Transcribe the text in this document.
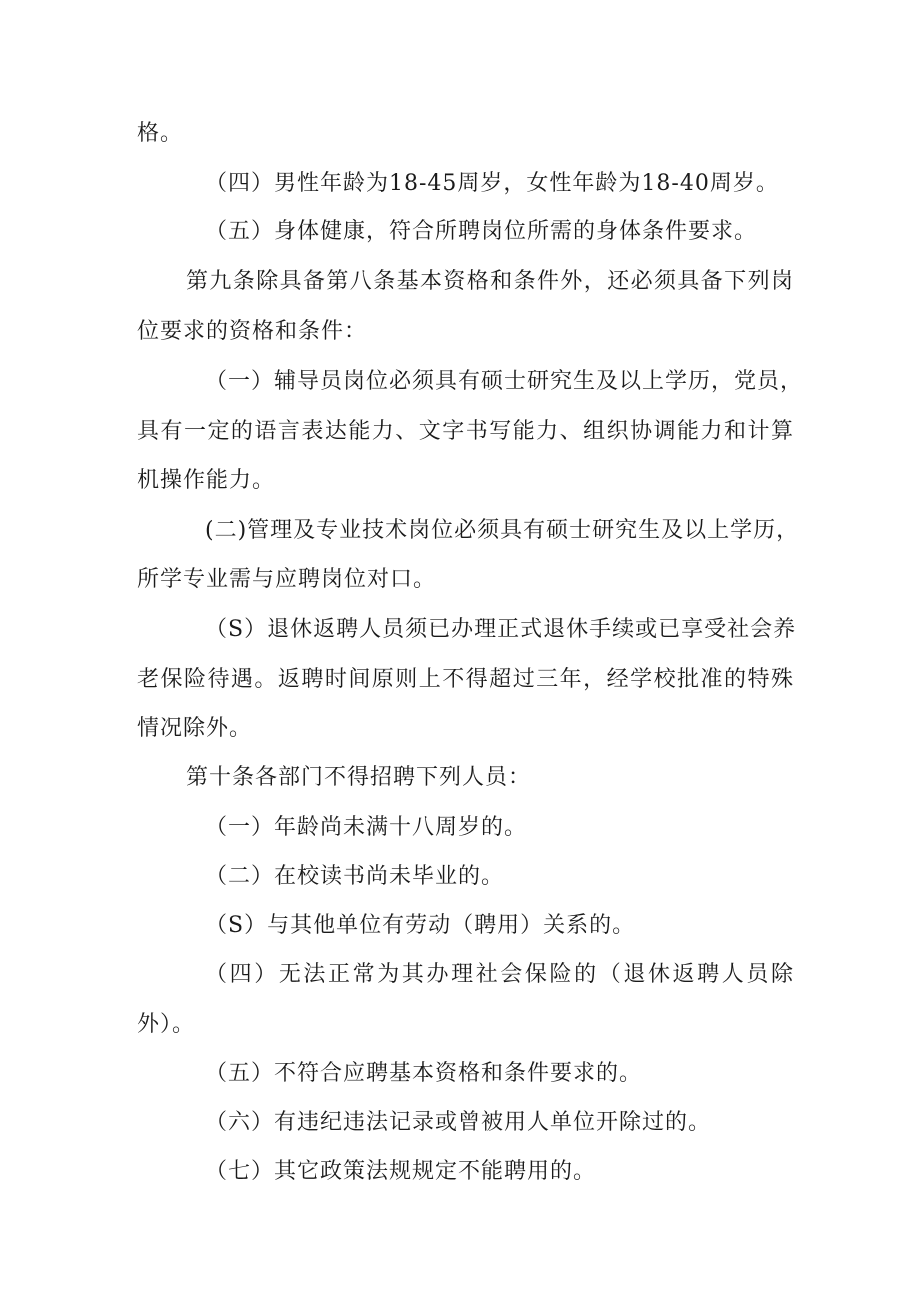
格。
（四）男性年龄为18-45周岁，女性年龄为18-40周岁。
（五）身体健康，符合所聘岗位所需的身体条件要求。
第九条除具备第八条基本资格和条件外，还必须具备下列岗
位要求的资格和条件：
（一）辅导员岗位必须具有硕士研究生及以上学历，党员，
具有一定的语言表达能力、文字书写能力、组织协调能力和计算
机操作能力。
(二)管理及专业技术岗位必须具有硕士研究生及以上学历，
所学专业需与应聘岗位对口。
（S）退休返聘人员须已办理正式退休手续或已享受社会养
老保险待遇。返聘时间原则上不得超过三年，经学校批准的特殊
情况除外。
第十条各部门不得招聘下列人员：
（一）年龄尚未满十八周岁的。
（二）在校读书尚未毕业的。
（S）与其他单位有劳动（聘用）关系的。
（四）无法正常为其办理社会保险的（退休返聘人员除
外）。
（五）不符合应聘基本资格和条件要求的。
（六）有违纪违法记录或曾被用人单位开除过的。
（七）其它政策法规规定不能聘用的。
